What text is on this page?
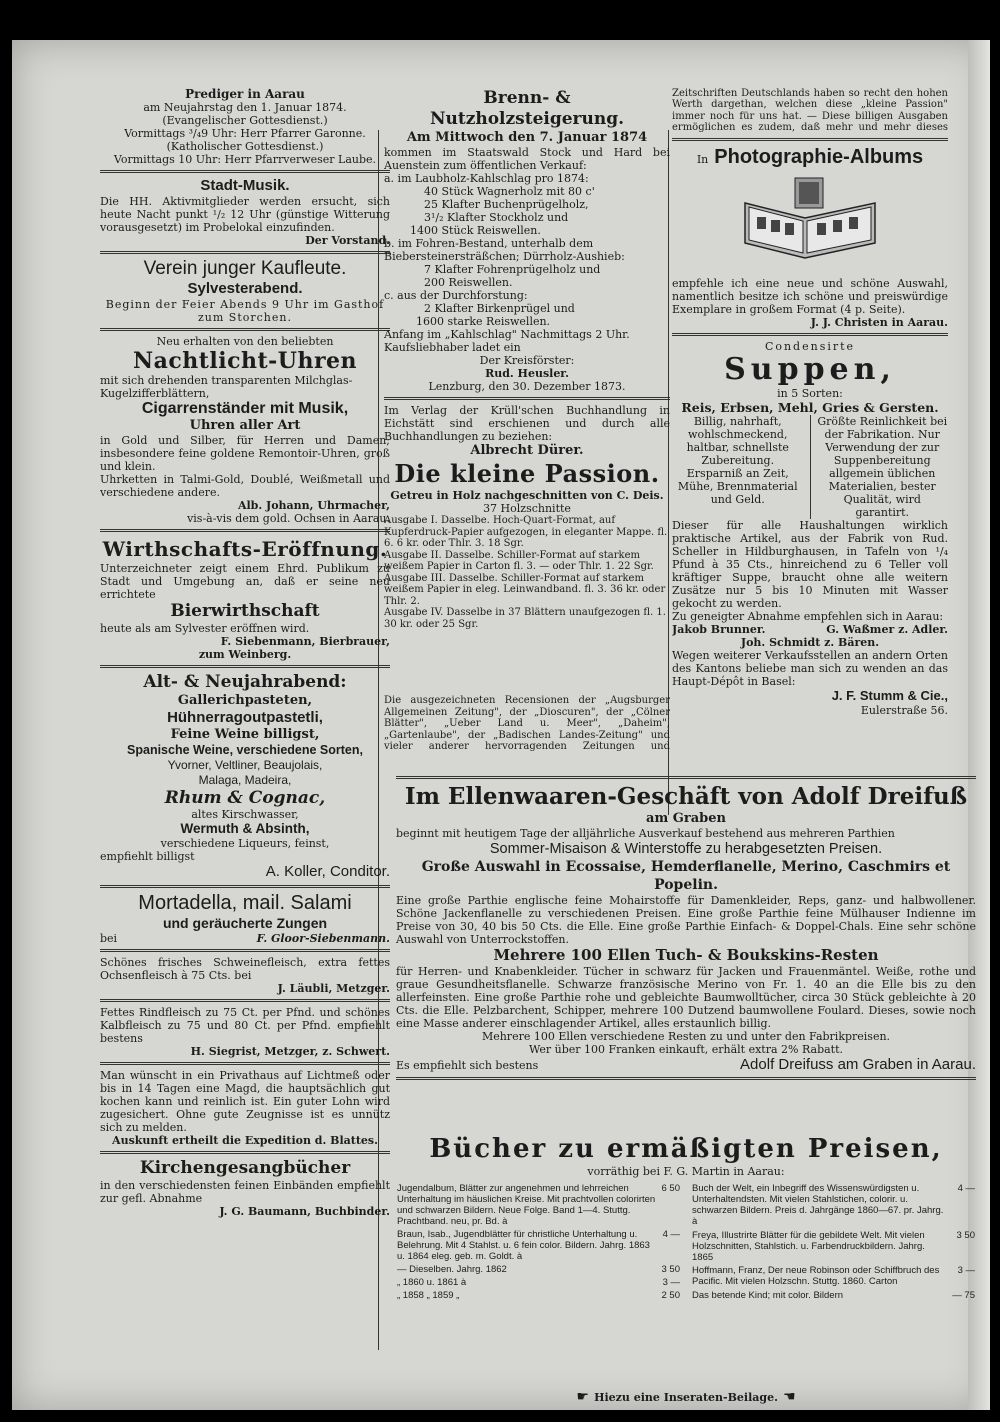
Prediger in Aarau
am Neujahrstag den 1. Januar 1874.
(Evangelischer Gottesdienst.)
Vormittags ³/₄9 Uhr: Herr Pfarrer Garonne.
(Katholischer Gottesdienst.)
Vormittags 10 Uhr: Herr Pfarrverweser Laube.
Stadt-Musik.
Die HH. Aktivmitglieder werden ersucht, sich heute Nacht punkt ¹/₂ 12 Uhr (günstige Witterung vorausgesetzt) im Probelokal einzufinden.
Der Vorstand.
Verein junger Kaufleute.
Sylvesterabend.
Beginn der Feier Abends 9 Uhr im Gasthof zum Storchen.
Neu erhalten von den beliebten
Nachtlicht-Uhren
mit sich drehenden transparenten Milchglas-Kugelzifferblättern,
Cigarrenständer mit Musik,
Uhren aller Art
in Gold und Silber, für Herren und Damen; insbesondere feine goldene Remontoir-Uhren, groß und klein.
Uhrketten in Talmi-Gold, Doublé, Weißmetall und verschiedene andere.
Alb. Johann, Uhrmacher,
vis-à-vis dem gold. Ochsen in Aarau.
Wirthschafts-Eröffnung.
Unterzeichneter zeigt einem Ehrd. Publikum zu Stadt und Umgebung an, daß er seine neu errichtete
Bierwirthschaft
heute als am Sylvester eröffnen wird.
F. Siebenmann, Bierbrauer,
zum Weinberg.
Alt- & Neujahrabend:
Gallerichpasteten,
Hühnerragoutpastetli,
Feine Weine billigst,
Spanische Weine, verschiedene Sorten,
Yvorner, Veltliner, Beaujolais,
Malaga, Madeira,
Rhum & Cognac,
altes Kirschwasser,
Wermuth & Absinth,
verschiedene Liqueurs, feinst,
empfiehlt billigst
A. Koller, Conditor.
Mortadella, mail. Salami
und geräucherte Zungen
bei	F. Gloor-Siebenmann.
Schönes frisches Schweinefleisch, extra fettes Ochsenfleisch à 75 Cts. bei
J. Läubli, Metzger.
Fettes Rindfleisch zu 75 Ct. per Pfnd. und schönes Kalbfleisch zu 75 und 80 Ct. per Pfnd. empfiehlt bestens
H. Siegrist, Metzger, z. Schwert.
Man wünscht in ein Privathaus auf Lichtmeß oder bis in 14 Tagen eine Magd, die hauptsächlich gut kochen kann und reinlich ist. Ein guter Lohn wird zugesichert. Ohne gute Zeugnisse ist es unnütz sich zu melden.
Auskunft ertheilt die Expedition d. Blattes.
Kirchengesangbücher
in den verschiedensten feinen Einbänden empfiehlt zur gefl. Abnahme
J. G. Baumann, Buchbinder.
Brenn- & Nutzholzsteigerung.
Am Mittwoch den 7. Januar 1874
kommen im Staatswald Stock und Hard bei Auenstein zum öffentlichen Verkauf:
a. im Laubholz-Kahlschlag pro 1874:
40 Stück Wagnerholz mit 80 c'
25 Klafter Buchenprügelholz,
3¹/₂ Klafter Stockholz und
1400 Stück Reiswellen.
b. im Fohren-Bestand, unterhalb dem Biebersteinersträßchen; Dürrholz-Aushieb:
7 Klafter Fohrenprügelholz und
200 Reiswellen.
c. aus der Durchforstung:
2 Klafter Birkenprügel und
1600 starke Reiswellen.
Anfang im „Kahlschlag" Nachmittags 2 Uhr.
Kaufsliebhaber ladet ein
Der Kreisförster:
Rud. Heusler.
Lenzburg, den 30. Dezember 1873.
Im Verlag der Krüll'schen Buchhandlung in Eichstätt sind erschienen und durch alle Buchhandlungen zu beziehen:
Albrecht Dürer.
Die kleine Passion.
Getreu in Holz nachgeschnitten von C. Deis.
37 Holzschnitte
Ausgabe I. Dasselbe. Hoch-Quart-Format, auf Kupferdruck-Papier aufgezogen, in eleganter Mappe. fl. 6. 6 kr. oder Thlr. 3. 18 Sgr.
Ausgabe II. Dasselbe. Schiller-Format auf starkem weißem Papier in Carton fl. 3. — oder Thlr. 1. 22 Sgr.
Ausgabe III. Dasselbe. Schiller-Format auf starkem weißem Papier in eleg. Leinwandband. fl. 3. 36 kr. oder Thlr. 2.
Ausgabe IV. Dasselbe in 37 Blättern unaufgezogen fl. 1. 30 kr. oder 25 Sgr.
Die ausgezeichneten Recensionen der „Augsburger Allgemeinen Zeitung", der „Dioscuren", der „Cölner Blätter", „Ueber Land u. Meer", „Daheim", „Gartenlaube", der „Badischen Landes-Zeitung" und vieler anderer hervorragenden Zeitungen und
Zeitschriften Deutschlands haben so recht den hohen Werth dargethan, welchen diese „kleine Passion" immer noch für uns hat. — Diese billigen Ausgaben ermöglichen es zudem, daß mehr und mehr dieses
In Photographie-Albums
empfehle ich eine neue und schöne Auswahl, namentlich besitze ich schöne und preiswürdige Exemplare in großem Format (4 p. Seite).
J. J. Christen in Aarau.
Condensirte
Suppen,
in 5 Sorten:
Reis, Erbsen, Mehl, Gries & Gersten.
Billig, nahrhaft, wohlschmeckend, haltbar, schnellste Zubereitung. Ersparniß an Zeit, Mühe, Brennmaterial und Geld.
Größte Reinlichkeit bei der Fabrikation. Nur Verwendung der zur Suppenbereitung allgemein üblichen Materialien, bester Qualität, wird garantirt.
Dieser für alle Haushaltungen wirklich praktische Artikel, aus der Fabrik von Rud. Scheller in Hildburghausen, in Tafeln von ¹/₄ Pfund à 35 Cts., hinreichend zu 6 Teller voll kräftiger Suppe, braucht ohne alle weitern Zusätze nur 5 bis 10 Minuten mit Wasser gekocht zu werden.
Zu geneigter Abnahme empfehlen sich in Aarau:
Jakob Brunner.	G. Waßmer z. Adler.
Joh. Schmidt z. Bären.
Wegen weiterer Verkaufsstellen an andern Orten des Kantons beliebe man sich zu wenden an das Haupt-Dépôt in Basel:
J. F. Stumm & Cie.,
Eulerstraße 56.
Im Ellenwaaren-Geschäft von Adolf Dreifuß
am Graben
beginnt mit heutigem Tage der alljährliche Ausverkauf bestehend aus mehreren Parthien
Sommer-Misaison & Winterstoffe zu herabgesetzten Preisen.
Große Auswahl in Ecossaise, Hemderflanelle, Merino, Caschmirs et Popelin.
Eine große Parthie englische feine Mohairstoffe für Damenkleider, Reps, ganz- und halbwollener. Schöne Jackenflanelle zu verschiedenen Preisen. Eine große Parthie feine Mülhauser Indienne im Preise von 30, 40 bis 50 Cts. die Elle. Eine große Parthie Einfach- & Doppel-Chals. Eine sehr schöne Auswahl von Unterrockstoffen.
Mehrere 100 Ellen Tuch- & Boukskins-Resten
für Herren- und Knabenkleider. Tücher in schwarz für Jacken und Frauenmäntel. Weiße, rothe und graue Gesundheitsflanelle. Schwarze französische Merino von Fr. 1. 40 an die Elle bis zu den allerfeinsten. Eine große Parthie rohe und gebleichte Baumwolltücher, circa 30 Stück gebleichte à 20 Cts. die Elle. Pelzbarchent, Schipper, mehrere 100 Dutzend baumwollene Foulard. Dieses, sowie noch eine Masse anderer einschlagender Artikel, alles erstaunlich billig.
Mehrere 100 Ellen verschiedene Resten zu und unter den Fabrikpreisen.
Wer über 100 Franken einkauft, erhält extra 2% Rabatt.
Es empfiehlt sich bestens	Adolf Dreifuss am Graben in Aarau.
Bücher zu ermäßigten Preisen,
vorräthig bei F. G. Martin in Aarau:
Jugendalbum, Blätter zur angenehmen und lehrreichen Unterhaltung im häuslichen Kreise. Mit prachtvollen colorirten und schwarzen Bildern. Neue Folge. Band 1—4. Stuttg. Prachtband. neu, pr. Bd. à	6 50
Braun, Isab., Jugendblätter für christliche Unterhaltung u. Belehrung. Mit 4 Stahlst. u. 6 fein color. Bildern. Jahrg. 1863 u. 1864 eleg. geb. m. Goldt. à	4 —
— Dieselben. Jahrg. 1862	3 50
„ 1860 u. 1861 à	3 —
„ 1858 „ 1859 „	2 50
Buch der Welt, ein Inbegriff des Wissenswürdigsten u. Unterhaltendsten. Mit vielen Stahlstichen, colorir. u. schwarzen Bildern. Preis d. Jahrgänge 1860—67. pr. Jahrg. à	4 —
Freya, Illustrirte Blätter für die gebildete Welt. Mit vielen Holzschnitten, Stahlstich. u. Farbendruckbildern. Jahrg. 1865	3 50
Hoffmann, Franz, Der neue Robinson oder Schiffbruch des Pacific. Mit vielen Holzschn. Stuttg. 1860. Carton	3 —
Das betende Kind; mit color. Bildern	— 75
☛ Hiezu eine Inseraten-Beilage. ☛
